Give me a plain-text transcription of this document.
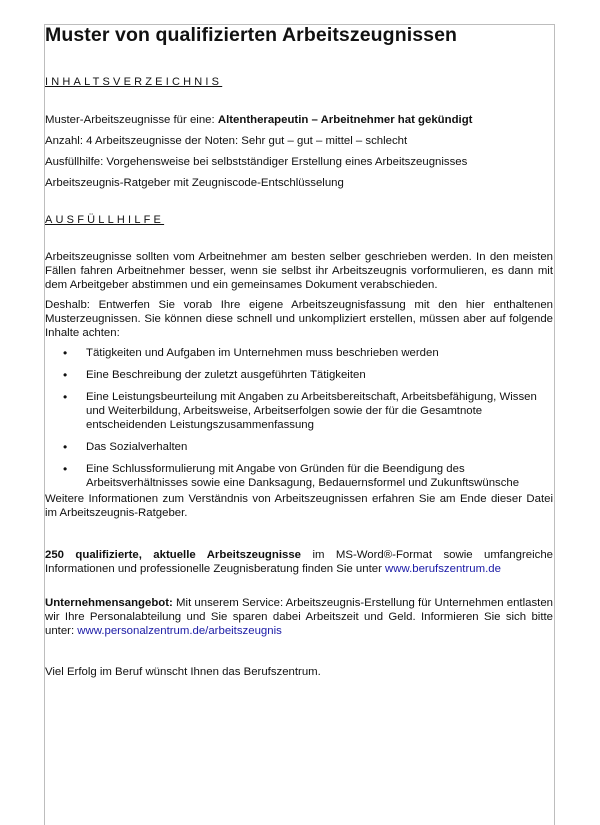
Muster von qualifizierten Arbeitszeugnissen

INHALTSVERZEICHNIS

Muster-Arbeitszeugnisse für eine: Altentherapeutin – Arbeitnehmer hat gekündigt

Anzahl: 4 Arbeitszeugnisse der Noten: Sehr gut – gut – mittel – schlecht

Ausfüllhilfe: Vorgehensweise bei selbstständiger Erstellung eines Arbeitszeugnisses

Arbeitszeugnis-Ratgeber mit Zeugniscode-Entschlüsselung

AUSFÜLLHILFE

Arbeitszeugnisse sollten vom Arbeitnehmer am besten selber geschrieben werden. In den meisten Fällen fahren Arbeitnehmer besser, wenn sie selbst ihr Arbeitszeugnis vorformulieren, es dann mit dem Arbeitgeber abstimmen und ein gemeinsames Dokument verabschieden.

Deshalb: Entwerfen Sie vorab Ihre eigene Arbeitszeugnisfassung mit den hier enthaltenen Musterzeugnissen. Sie können diese schnell und unkompliziert erstellen, müssen aber auf folgende Inhalte achten:

• Tätigkeiten und Aufgaben im Unternehmen muss beschrieben werden
• Eine Beschreibung der zuletzt ausgeführten Tätigkeiten
• Eine Leistungsbeurteilung mit Angaben zu Arbeitsbereitschaft, Arbeitsbefähigung, Wissen und Weiterbildung, Arbeitsweise, Arbeitserfolgen sowie der für die Gesamtnote entscheidenden Leistungszusammenfassung
• Das Sozialverhalten
• Eine Schlussformulierung mit Angabe von Gründen für die Beendigung des Arbeitsverhältnisses sowie eine Danksagung, Bedauernsformel und Zukunftswünsche

Weitere Informationen zum Verständnis von Arbeitszeugnissen erfahren Sie am Ende dieser Datei im Arbeitszeugnis-Ratgeber.

250 qualifizierte, aktuelle Arbeitszeugnisse im MS-Word®-Format sowie umfangreiche Informationen und professionelle Zeugnisberatung finden Sie unter www.berufszentrum.de

Unternehmensangebot: Mit unserem Service: Arbeitszeugnis-Erstellung für Unternehmen entlasten wir Ihre Personalabteilung und Sie sparen dabei Arbeitszeit und Geld. Informieren Sie sich bitte unter: www.personalzentrum.de/arbeitszeugnis

Viel Erfolg im Beruf wünscht Ihnen das Berufszentrum.
